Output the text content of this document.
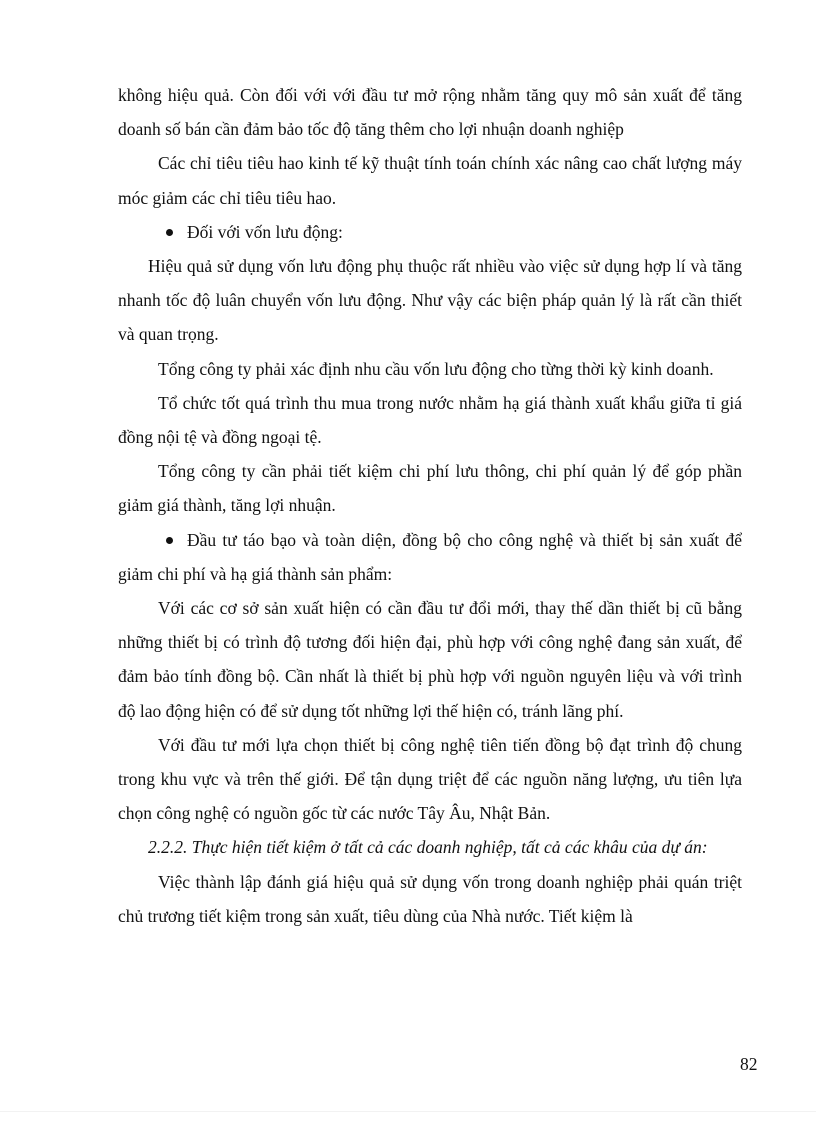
không hiệu quả. Còn đối với với đầu tư mở rộng nhằm tăng quy mô sản xuất để tăng doanh số bán cần đảm bảo tốc độ tăng thêm cho lợi nhuận doanh nghiệp

Các chỉ tiêu tiêu hao kinh tế kỹ thuật tính toán chính xác nâng cao chất lượng máy móc giảm các chỉ tiêu tiêu hao.

Đối với vốn lưu động:

Hiệu quả sử dụng vốn lưu động phụ thuộc rất nhiều vào việc sử dụng hợp lí và tăng nhanh tốc độ luân chuyển vốn lưu động. Như vậy các biện pháp quản lý là rất cần thiết và quan trọng.

Tổng công ty phải xác định nhu cầu vốn lưu động cho từng thời kỳ kinh doanh.

Tổ chức tốt quá trình thu mua trong nước nhằm hạ giá thành xuất khẩu giữa tỉ giá đồng nội tệ và đồng ngoại tệ.

Tổng công ty cần phải tiết kiệm chi phí lưu thông, chi phí quản lý để góp phần giảm giá thành, tăng lợi nhuận.

Đầu tư táo bạo và toàn diện, đồng bộ cho công nghệ và thiết bị sản xuất để giảm chi phí và hạ giá thành sản phẩm:

Với các cơ sở sản xuất hiện có cần đầu tư đổi mới, thay thế dần thiết bị cũ bằng những thiết bị có trình độ tương đối hiện đại, phù hợp với công nghệ đang sản xuất, để đảm bảo tính đồng bộ. Cần nhất là thiết bị phù hợp với nguồn nguyên liệu và với trình độ lao động hiện có để sử dụng tốt những lợi thế hiện có, tránh lãng phí.

Với đầu tư mới lựa chọn thiết bị công nghệ tiên tiến đồng bộ đạt trình độ chung trong khu vực và trên thế giới. Để tận dụng triệt để các nguồn năng lượng, ưu tiên lựa chọn công nghệ có nguồn gốc từ các nước Tây Âu, Nhật Bản.

2.2.2. Thực hiện tiết kiệm ở tất cả các doanh nghiệp, tất cả các khâu của dự án:

Việc thành lập đánh giá hiệu quả sử dụng vốn trong doanh nghiệp phải quán triệt chủ trương tiết kiệm trong sản xuất, tiêu dùng của Nhà nước. Tiết kiệm là

82
